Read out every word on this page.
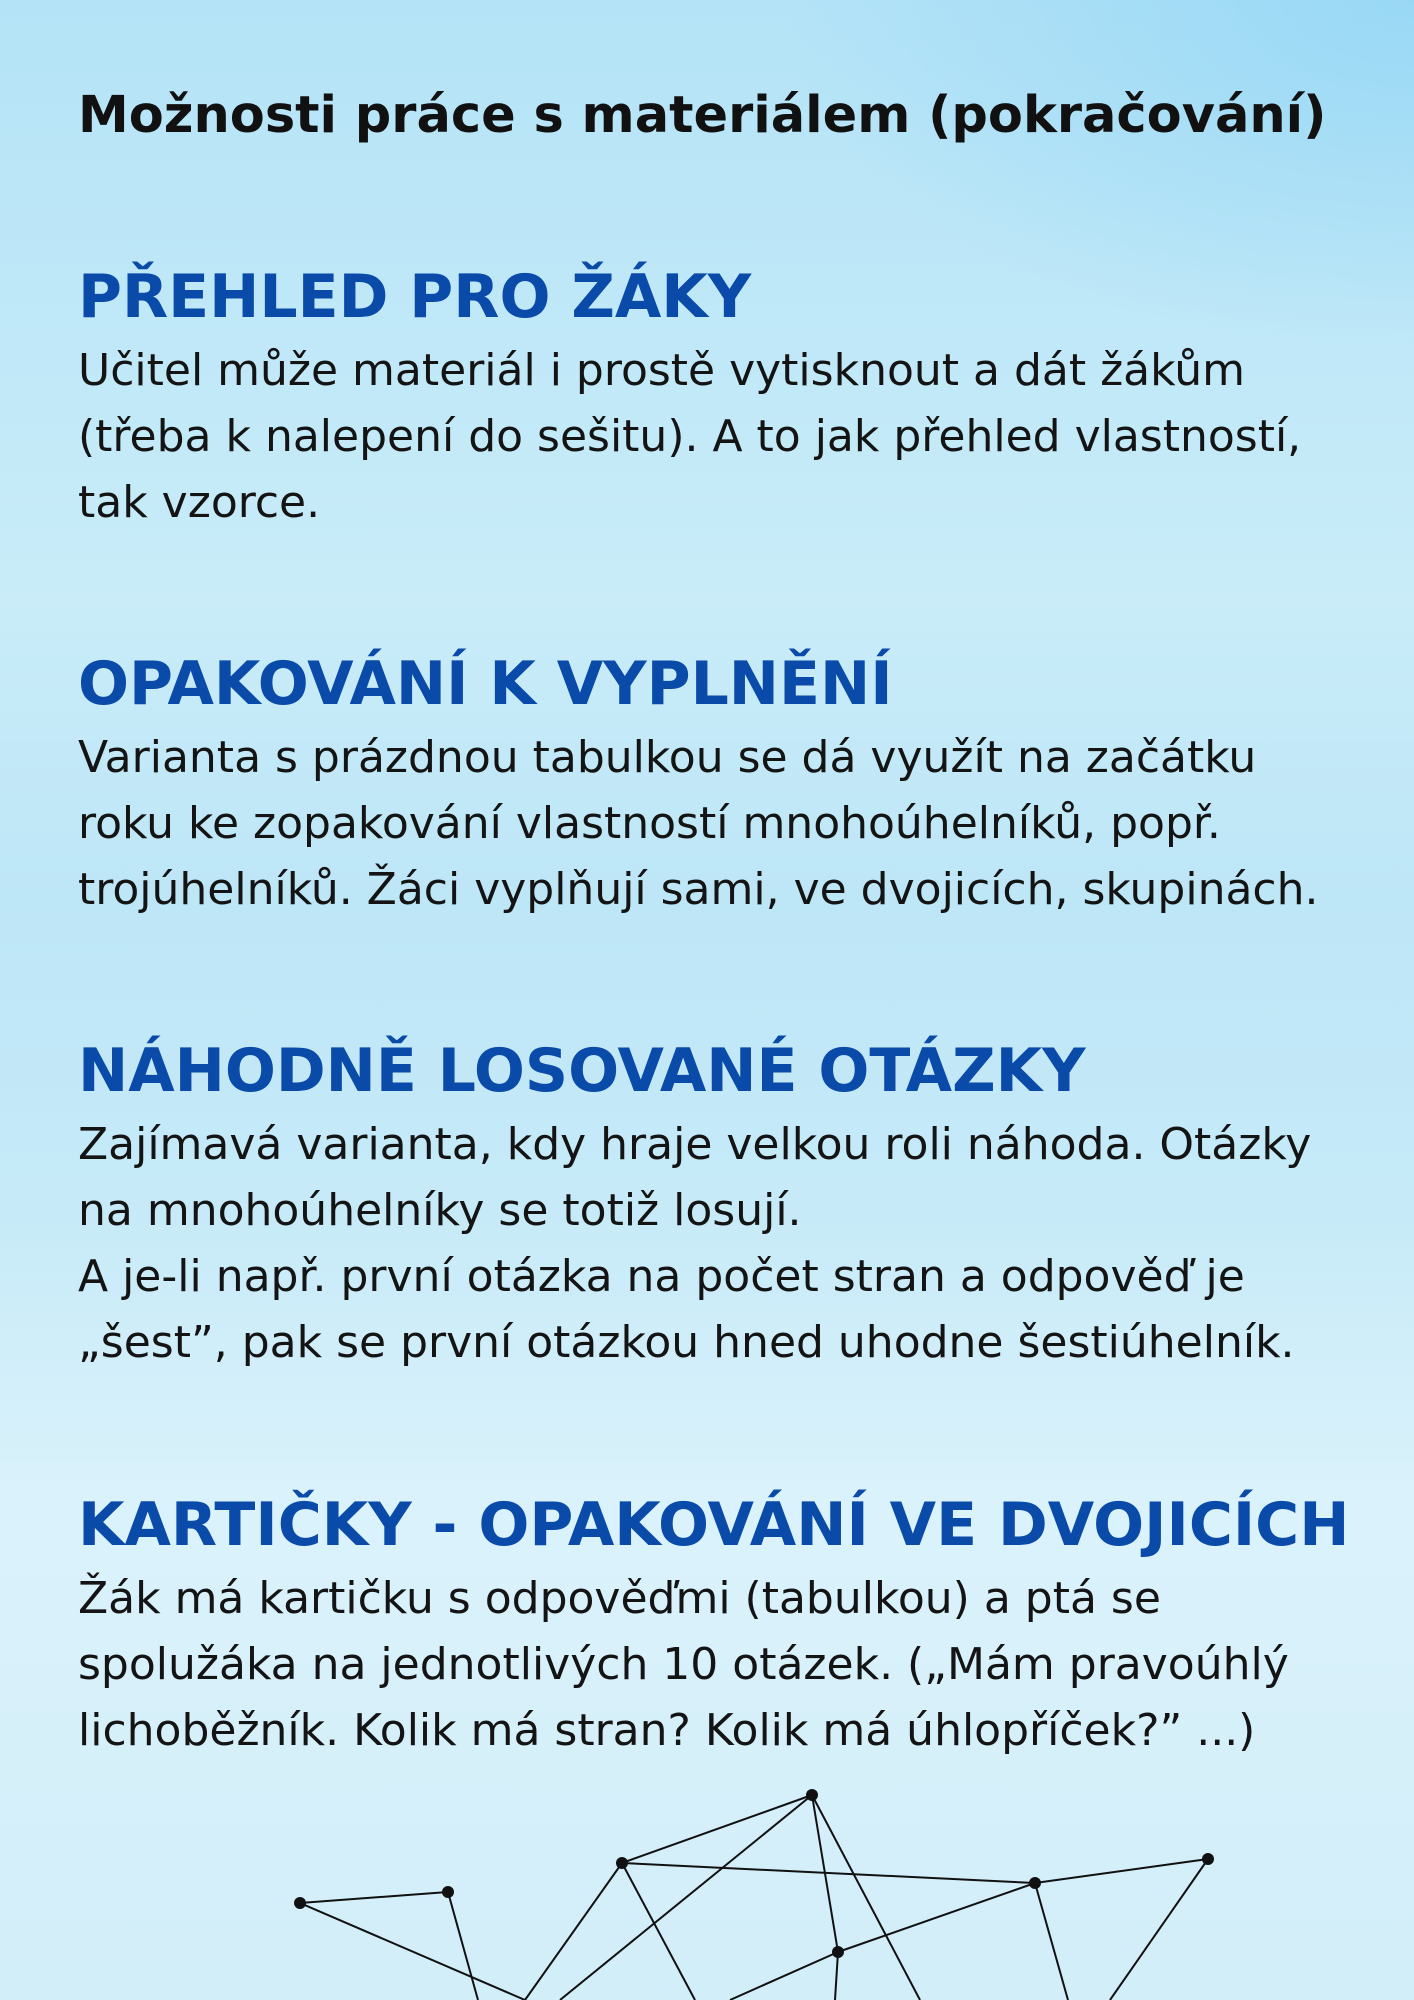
Možnosti práce s materiálem (pokračování)
PŘEHLED PRO ŽÁKY

Učitel může materiál i prostě vytisknout a dát žákům
(třeba k nalepení do sešitu). A to jak přehled vlastností,
tak vzorce.

OPAKOVÁNÍ K VYPLNĚNÍ

Varianta s prázdnou tabulkou se dá využít na začátku
roku ke zopakování vlastností mnohoúhelníků, popř.
trojúhelníků. Žáci vyplňují sami, ve dvojicích, skupinách.

NÁHODNĚ LOSOVANÉ OTÁZKY

Zajímavá varianta, kdy hraje velkou roli náhoda. Otázky
na mnohoúhelníky se totiž losují.
A je-li např. první otázka na počet stran a odpověď je
„šest”, pak se první otázkou hned uhodne šestiúhelník.

KARTIČKY - OPAKOVÁNÍ VE DVOJICÍCH

Žák má kartičku s odpověďmi (tabulkou) a ptá se
spolužáka na jednotlivých 10 otázek. („Mám pravoúhlý
lichoběžník. Kolik má stran? Kolik má úhlopříček?” ...)
